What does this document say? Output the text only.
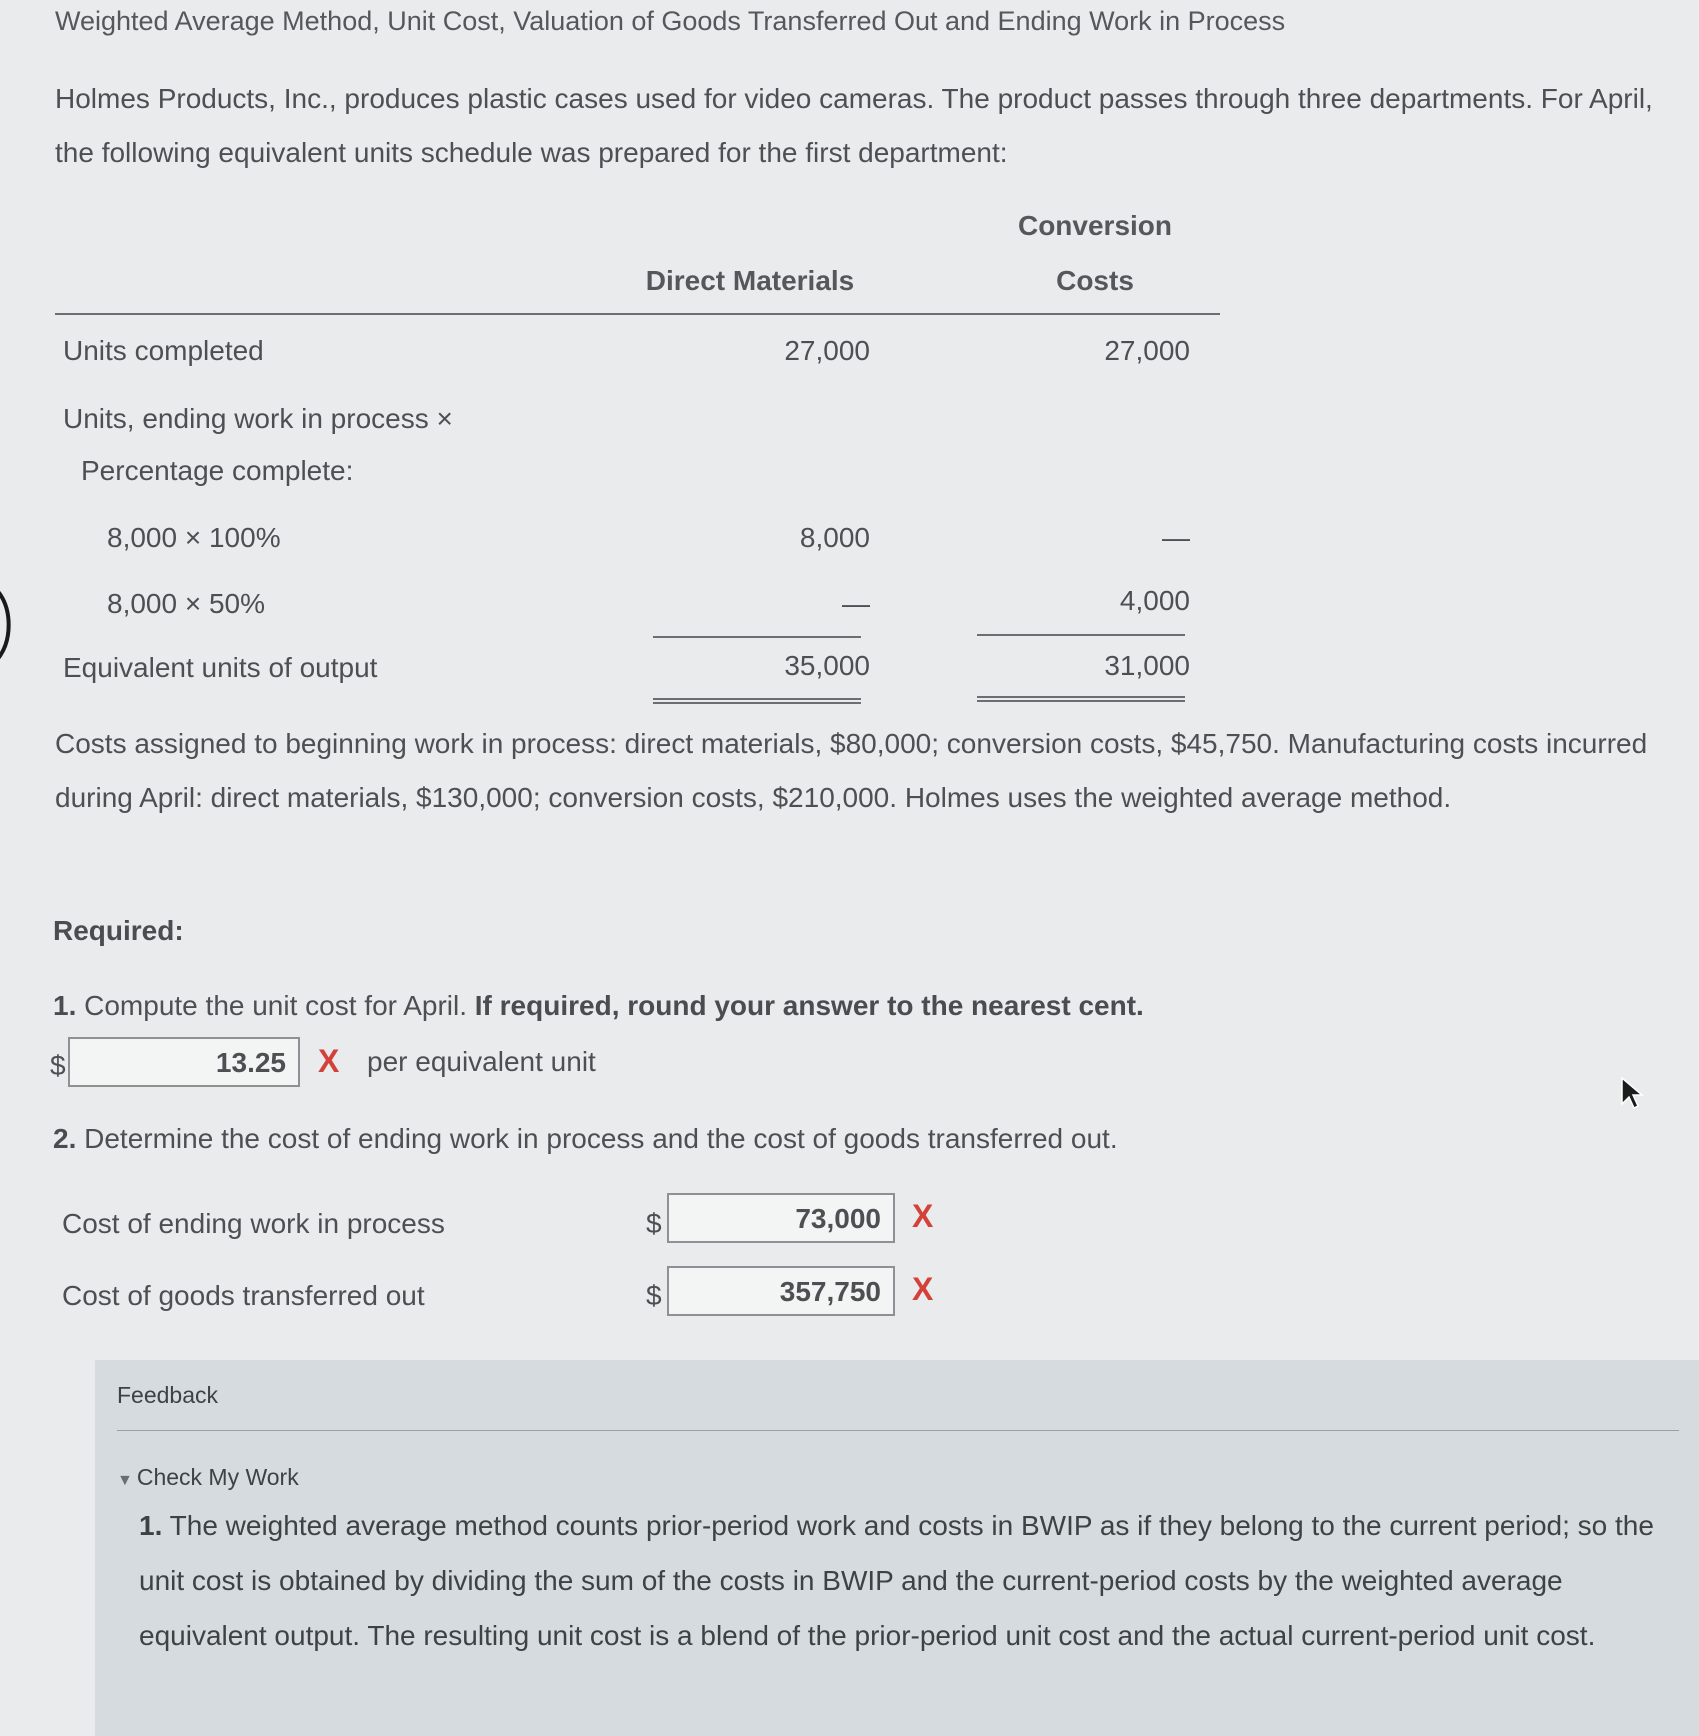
Weighted Average Method, Unit Cost, Valuation of Goods Transferred Out and Ending Work in Process
Holmes Products, Inc., produces plastic cases used for video cameras. The product passes through three departments. For April, the following equivalent units schedule was prepared for the first department:
Conversion
Direct Materials	Costs
Units completed	27,000	27,000
Units, ending work in process ×
Percentage complete:
8,000 × 100%	8,000	—
8,000 × 50%	—	4,000
Equivalent units of output	35,000	31,000
Costs assigned to beginning work in process: direct materials, $80,000; conversion costs, $45,750. Manufacturing costs incurred during April: direct materials, $130,000; conversion costs, $210,000. Holmes uses the weighted average method.
Required:
1. Compute the unit cost for April. If required, round your answer to the nearest cent.
$	13.25	X per equivalent unit
2. Determine the cost of ending work in process and the cost of goods transferred out.
Cost of ending work in process	$	73,000 X
Cost of goods transferred out	$	357,750 X
Feedback
▼ Check My Work
1. The weighted average method counts prior-period work and costs in BWIP as if they belong to the current period; so the unit cost is obtained by dividing the sum of the costs in BWIP and the current-period costs by the weighted average equivalent output. The resulting unit cost is a blend of the prior-period unit cost and the actual current-period unit cost.
